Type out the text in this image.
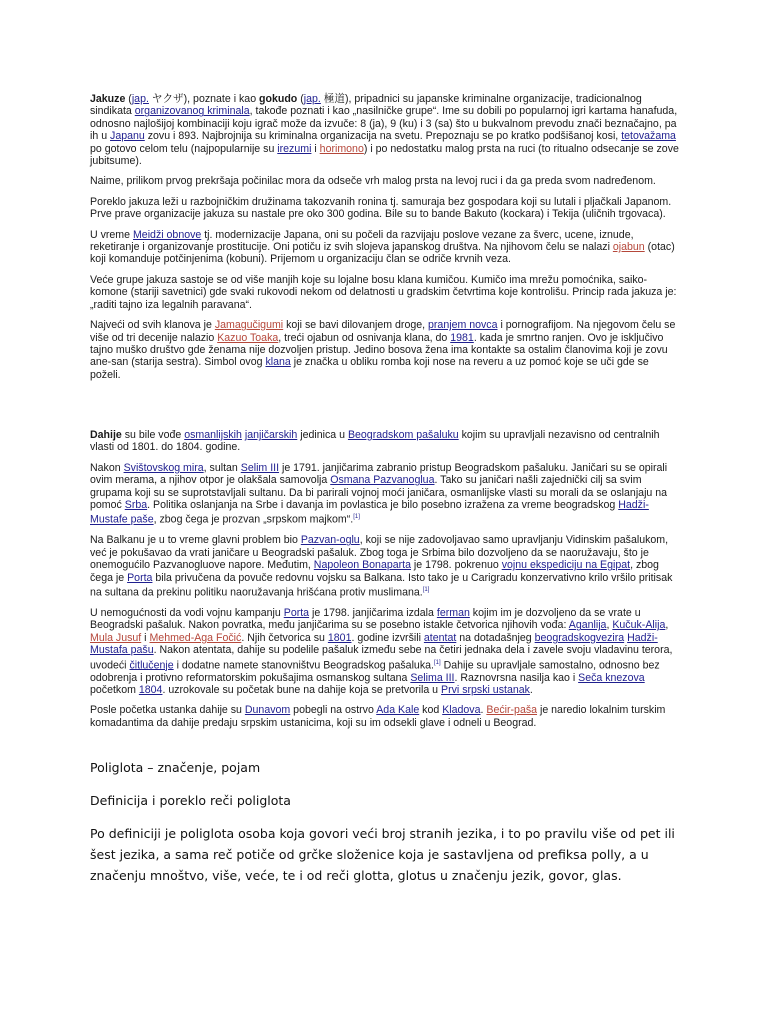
Jakuze (jap. ヤクザ), poznate i kao gokudo (jap. 極道), pripadnici su japanske kriminalne organizacije, tradicionalnog sindikata organizovanog kriminala, takođe poznati i kao „nasilničke grupe“. Ime su dobili po popularnoj igri kartama hanafuda, odnosno najlošijoj kombinaciji koju igrač može da izvuče: 8 (ja), 9 (ku) i 3 (sa) što u bukvalnom prevodu znači beznačajno, pa ih u Japanu zovu i 893. Najbrojnija su kriminalna organizacija na svetu. Prepoznaju se po kratko podšišanoj kosi, tetovažama po gotovo celom telu (najpopularnije su irezumi i horimono) i po nedostatku malog prsta na ruci (to ritualno odsecanje se zove jubitsume).

Naime, prilikom prvog prekršaja počinilac mora da odseče vrh malog prsta na levoj ruci i da ga preda svom nadređenom.

Poreklo jakuza leži u razbojničkim družinama takozvanih ronina tj. samuraja bez gospodara koji su lutali i pljačkali Japanom. Prve prave organizacije jakuza su nastale pre oko 300 godina. Bile su to bande Bakuto (kockara) i Tekija (uličnih trgovaca).

U vreme Meidži obnove tj. modernizacije Japana, oni su počeli da razvijaju poslove vezane za šverc, ucene, iznude, reketiranje i organizovanje prostitucije. Oni potiču iz svih slojeva japanskog društva. Na njihovom čelu se nalazi ojabun (otac) koji komanduje potčinjenima (kobuni). Prijemom u organizaciju član se odriče krvnih veza.

Veće grupe jakuza sastoje se od više manjih koje su lojalne bosu klana kumičou. Kumičo ima mrežu pomoćnika, saiko-komone (stariji savetnici) gde svaki rukovodi nekom od delatnosti u gradskim četvrtima koje kontrolišu. Princip rada jakuza je: „raditi tajno iza legalnih paravana“.

Najveći od svih klanova je Jamagučigumi koji se bavi dilovanjem droge, pranjem novca i pornografijom. Na njegovom čelu se više od tri decenije nalazio Kazuo Toaka, treći ojabun od osnivanja klana, do 1981. kada je smrtno ranjen. Ovo je isključivo tajno muško društvo gde ženama nije dozvoljen pristup. Jedino bosova žena ima kontakte sa ostalim članovima koji je zovu ane-san (starija sestra). Simbol ovog klana je značka u obliku romba koji nose na reveru a uz pomoć koje se uči gde se poželi.

Dahije su bile vođe osmanlijskih janjičarskih jedinica u Beogradskom pašaluku kojim su upravljali nezavisno od centralnih vlasti od 1801. do 1804. godine.

Nakon Svištovskog mira, sultan Selim III je 1791. janjičarima zabranio pristup Beogradskom pašaluku. Janičari su se opirali ovim merama, a njihov otpor je olakšala samovolja Osmana Pazvanoglua. Tako su janičari našli zajednički cilj sa svim grupama koji su se suprotstavljali sultanu. Da bi parirali vojnoj moći janičara, osmanlijske vlasti su morali da se oslanjaju na pomoć Srba. Politika oslanjanja na Srbe i davanja im povlastica je bilo posebno izražena za vreme beogradskog Hadži-Mustafe paše, zbog čega je prozvan „srpskom majkom“.[1]

Na Balkanu je u to vreme glavni problem bio Pazvan-oglu, koji se nije zadovoljavao samo upravljanju Vidinskim pašalukom, već je pokušavao da vrati janičare u Beogradski pašaluk. Zbog toga je Srbima bilo dozvoljeno da se naoružavaju, što je onemogućilo Pazvanogluove napore. Međutim, Napoleon Bonaparta je 1798. pokrenuo vojnu ekspediciju na Egipat, zbog čega je Porta bila privučena da povuče redovnu vojsku sa Balkana. Isto tako je u Carigradu konzervativno krilo vršilo pritisak na sultana da prekinu politiku naoružavanja hrišćana protiv muslimana.[1]

U nemogućnosti da vodi vojnu kampanju Porta je 1798. janjičarima izdala ferman kojim im je dozvoljeno da se vrate u Beogradski pašaluk. Nakon povratka, među janjičarima su se posebno istakle četvorica njihovih vođa: Aganlija, Kučuk-Alija, Mula Jusuf i Mehmed-Aga Fočić. Njih četvorica su 1801. godine izvršili atentat na dotadašnjeg beogradskogvezira Hadži-Mustafa pašu. Nakon atentata, dahije su podelile pašaluk između sebe na četiri jednaka dela i zavele svoju vladavinu terora, uvodeći čitlučenje i dodatne namete stanovništvu Beogradskog pašaluka.[1] Dahije su upravljale samostalno, odnosno bez odobrenja i protivno reformatorskim pokušajima osmanskog sultana Selima III. Raznovrsna nasilja kao i Seča knezova početkom 1804. uzrokovale su početak bune na dahije koja se pretvorila u Prvi srpski ustanak.

Posle početka ustanka dahije su Dunavom pobegli na ostrvo Ada Kale kod Kladova. Bećir-paša je naredio lokalnim turskim komadantima da dahije predaju srpskim ustanicima, koji su im odsekli glave i odneli u Beograd.

Poliglota – značenje, pojam
Definicija i poreklo reči poliglota
Po definiciji je poliglota osoba koja govori veći broj stranih jezika, i to po pravilu više od pet ili šest jezika, a sama reč potiče od grčke složenice koja je sastavljena od prefiksa polly, a u značenju mnoštvo, više, veće, te i od reči glotta, glotus u značenju jezik, govor, glas.
